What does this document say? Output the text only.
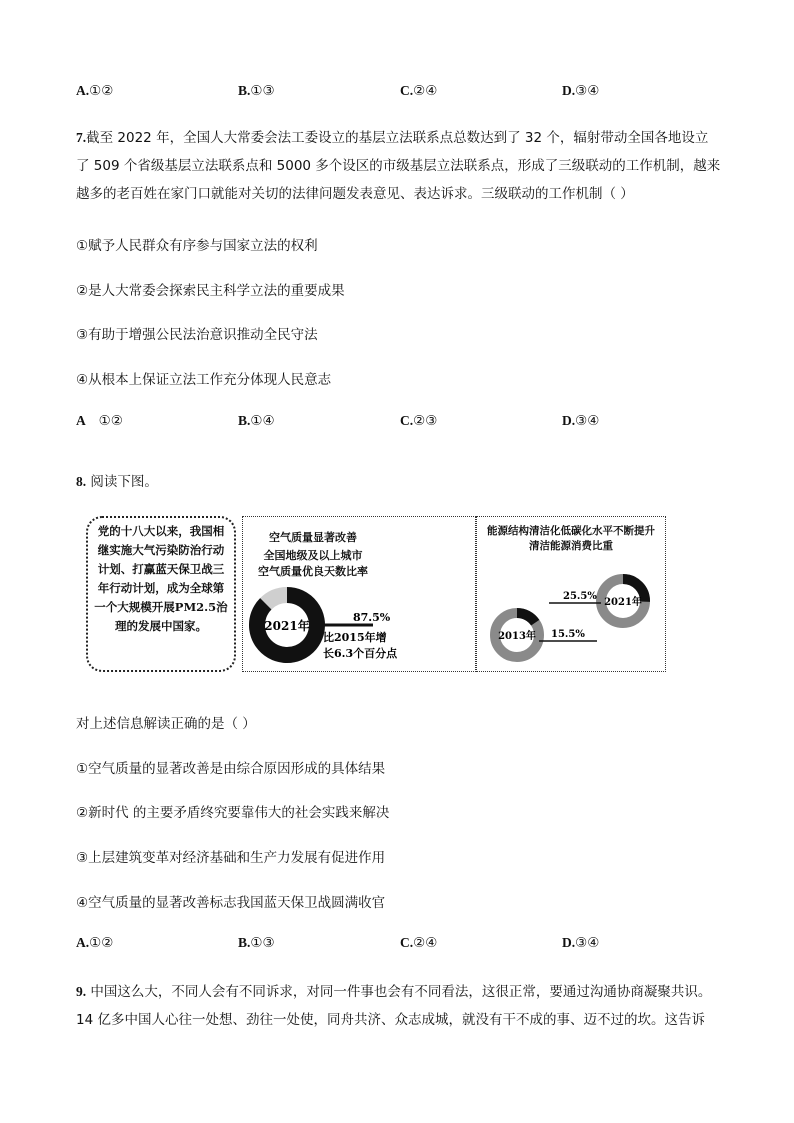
A.①②	B.①③	C.②④	D.③④
7.截至 2022 年，全国人大常委会法工委设立的基层立法联系点总数达到了 32 个，辐射带动全国各地设立
了 509 个省级基层立法联系点和 5000 多个设区的市级基层立法联系点，形成了三级联动的工作机制，越来
越多的老百姓在家门口就能对关切的法律问题发表意见、表达诉求。三级联动的工作机制（ ）
①赋予人民群众有序参与国家立法的权利
②是人大常委会探索民主科学立法的重要成果
③有助于增强公民法治意识推动全民守法
④从根本上保证立法工作充分体现人民意志
A ①②	B.①④	C.②③	D.③④
8. 阅读下图。
党的十八大以来，我国相继实施大气污染防治行动计划、打赢蓝天保卫战三年行动计划，成为全球第一个大规模开展PM2.5治理的发展中国家。
空气质量显著改善
全国地级及以上城市
空气质量优良天数比率
2021年
87.5%
比2015年增
长6.3个百分点
能源结构清洁化低碳化水平不断提升
清洁能源消费比重
2013年 15.5%
2021年
25.5%
对上述信息解读正确的是（ ）
①空气质量的显著改善是由综合原因形成的具体结果
②新时代 的主要矛盾终究要靠伟大的社会实践来解决
③上层建筑变革对经济基础和生产力发展有促进作用
④空气质量的显著改善标志我国蓝天保卫战圆满收官
A.①②	B.①③	C.②④	D.③④
9. 中国这么大，不同人会有不同诉求，对同一件事也会有不同看法，这很正常，要通过沟通协商凝聚共识。
14 亿多中国人心往一处想、劲往一处使，同舟共济、众志成城，就没有干不成的事、迈不过的坎。这告诉
